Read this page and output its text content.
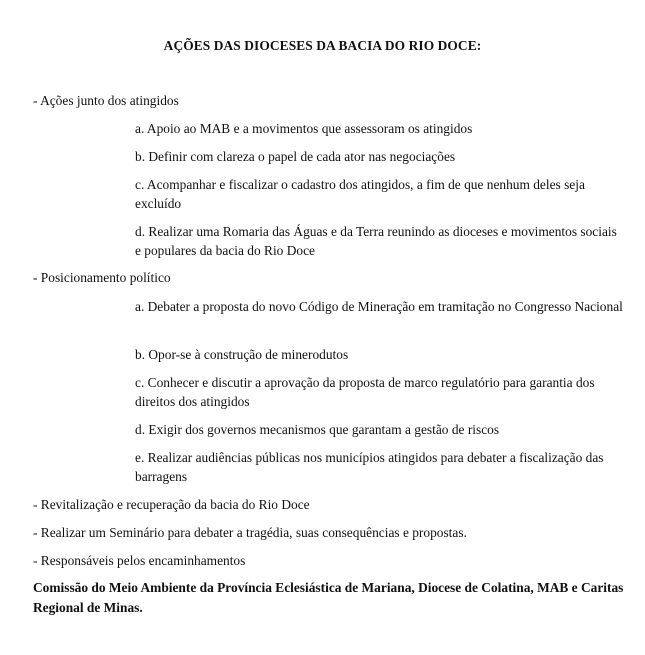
AÇÕES DAS DIOCESES DA BACIA DO RIO DOCE:
- Ações junto dos atingidos
a. Apoio ao MAB e a movimentos que assessoram os atingidos
b. Definir com clareza o papel de cada ator nas negociações
c. Acompanhar e fiscalizar o cadastro dos atingidos, a fim de que nenhum deles seja excluído
d. Realizar uma Romaria das Águas e da Terra reunindo as dioceses e movimentos sociais e populares da bacia do Rio Doce
- Posicionamento político
a. Debater a proposta do novo Código de Mineração em tramitação no Congresso Nacional
b. Opor-se à construção de minerodutos
c. Conhecer e discutir a aprovação da proposta de marco regulatório para garantia dos direitos dos atingidos
d. Exigir dos governos mecanismos que garantam a gestão de riscos
e. Realizar audiências públicas nos municípios atingidos para debater a fiscalização das barragens
- Revitalização e recuperação da bacia do Rio Doce
- Realizar um Seminário para debater a tragédia, suas consequências e propostas.
- Responsáveis pelos encaminhamentos
Comissão do Meio Ambiente da Província Eclesiástica de Mariana, Diocese de Colatina, MAB e Caritas Regional de Minas.
